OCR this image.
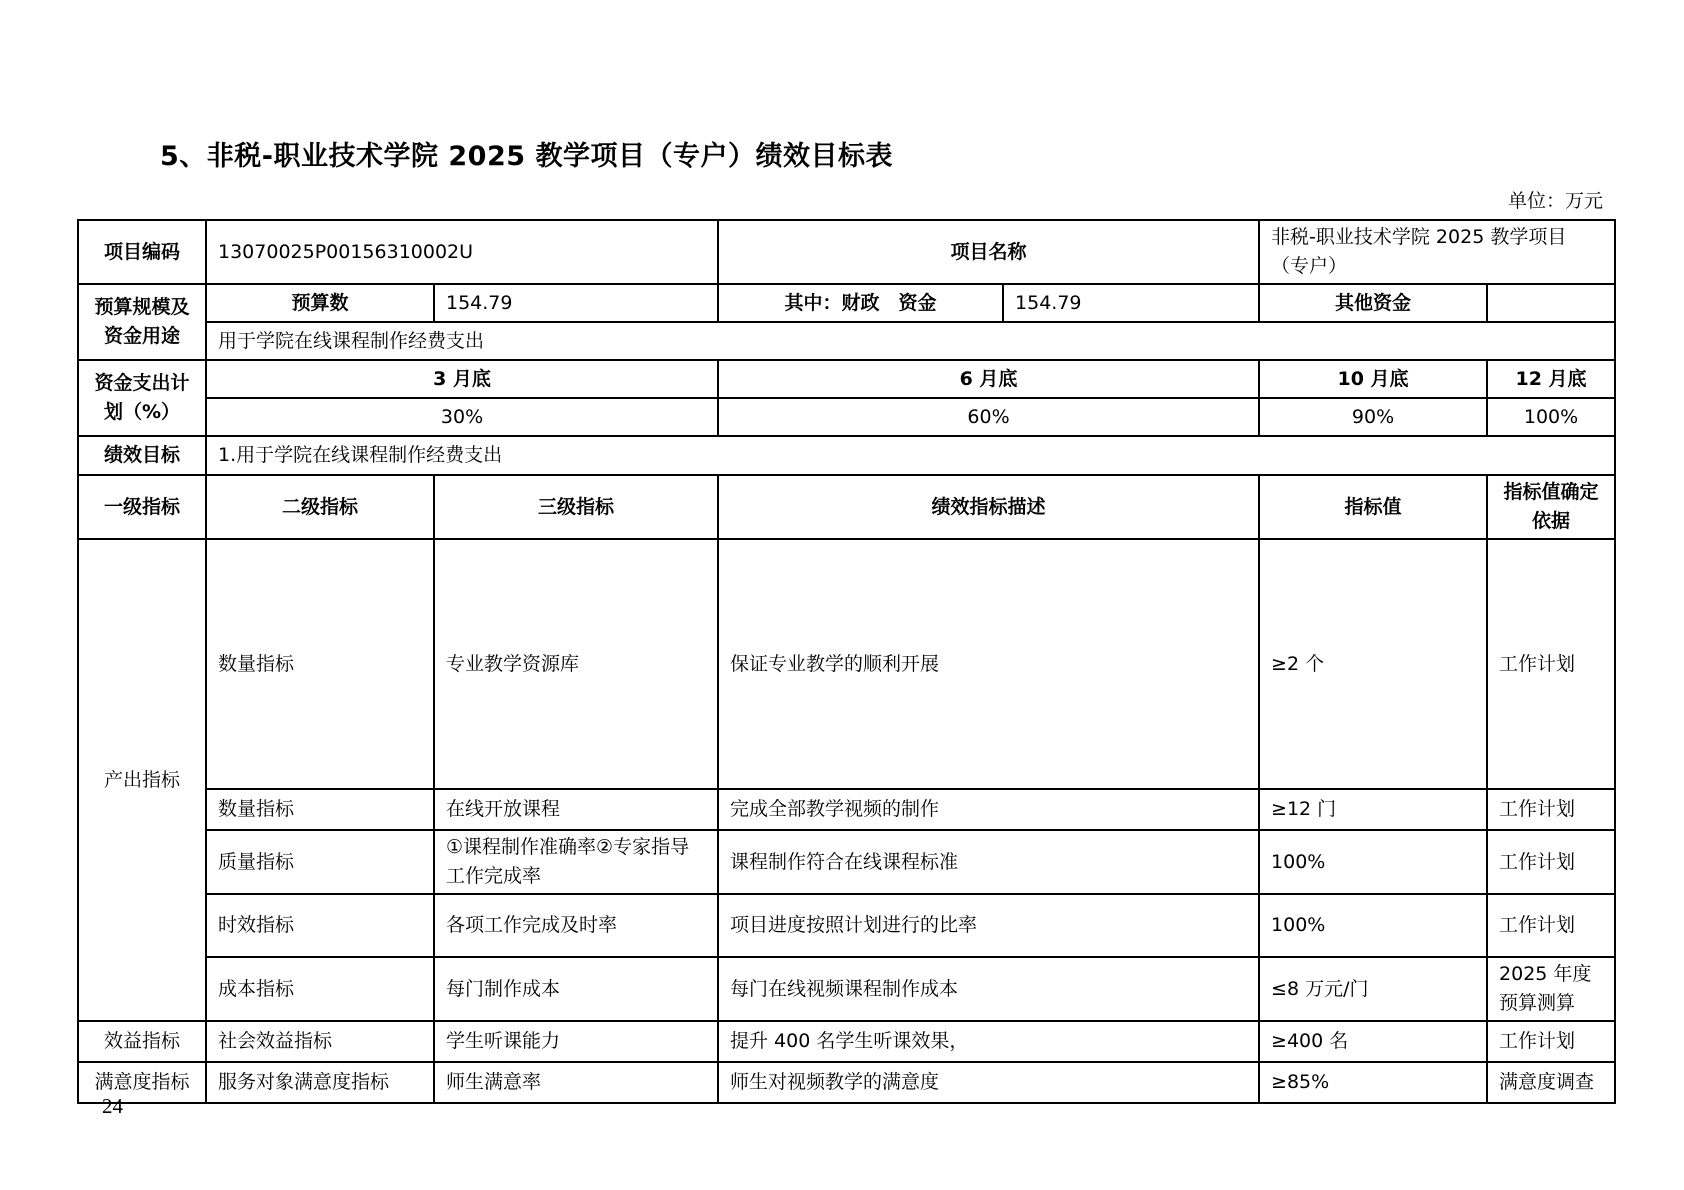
5、非税-职业技术学院 2025 教学项目（专户）绩效目标表
单位：万元
项目编码	13070025P00156310002U		项目名称		非税-职业技术学院 2025 教学项目（专户）	
预算规模及资金用途	预算数	154.79	其中：财政　资金	154.79	其他资金	
	用于学院在线课程制作经费支出					
资金支出计划（%）	3 月底		6 月底		10 月底	12 月底
	30%		60%		90%	100%
绩效目标	1.用于学院在线课程制作经费支出					
一级指标	二级指标	三级指标	绩效指标描述		指标值	指标值确定依据
产出指标	数量指标	专业教学资源库	保证专业教学的顺利开展		≥2 个	工作计划
	数量指标	在线开放课程	完成全部教学视频的制作		≥12 门	工作计划
	质量指标	①课程制作准确率②专家指导工作完成率	课程制作符合在线课程标准		100%	工作计划
	时效指标	各项工作完成及时率	项目进度按照计划进行的比率		100%	工作计划
	成本指标	每门制作成本	每门在线视频课程制作成本		≤8 万元/门	2025 年度预算测算
效益指标	社会效益指标	学生听课能力	提升 400 名学生听课效果，		≥400 名	工作计划
满意度指标	服务对象满意度指标	师生满意率	师生对视频教学的满意度		≥85%	满意度调查
24
